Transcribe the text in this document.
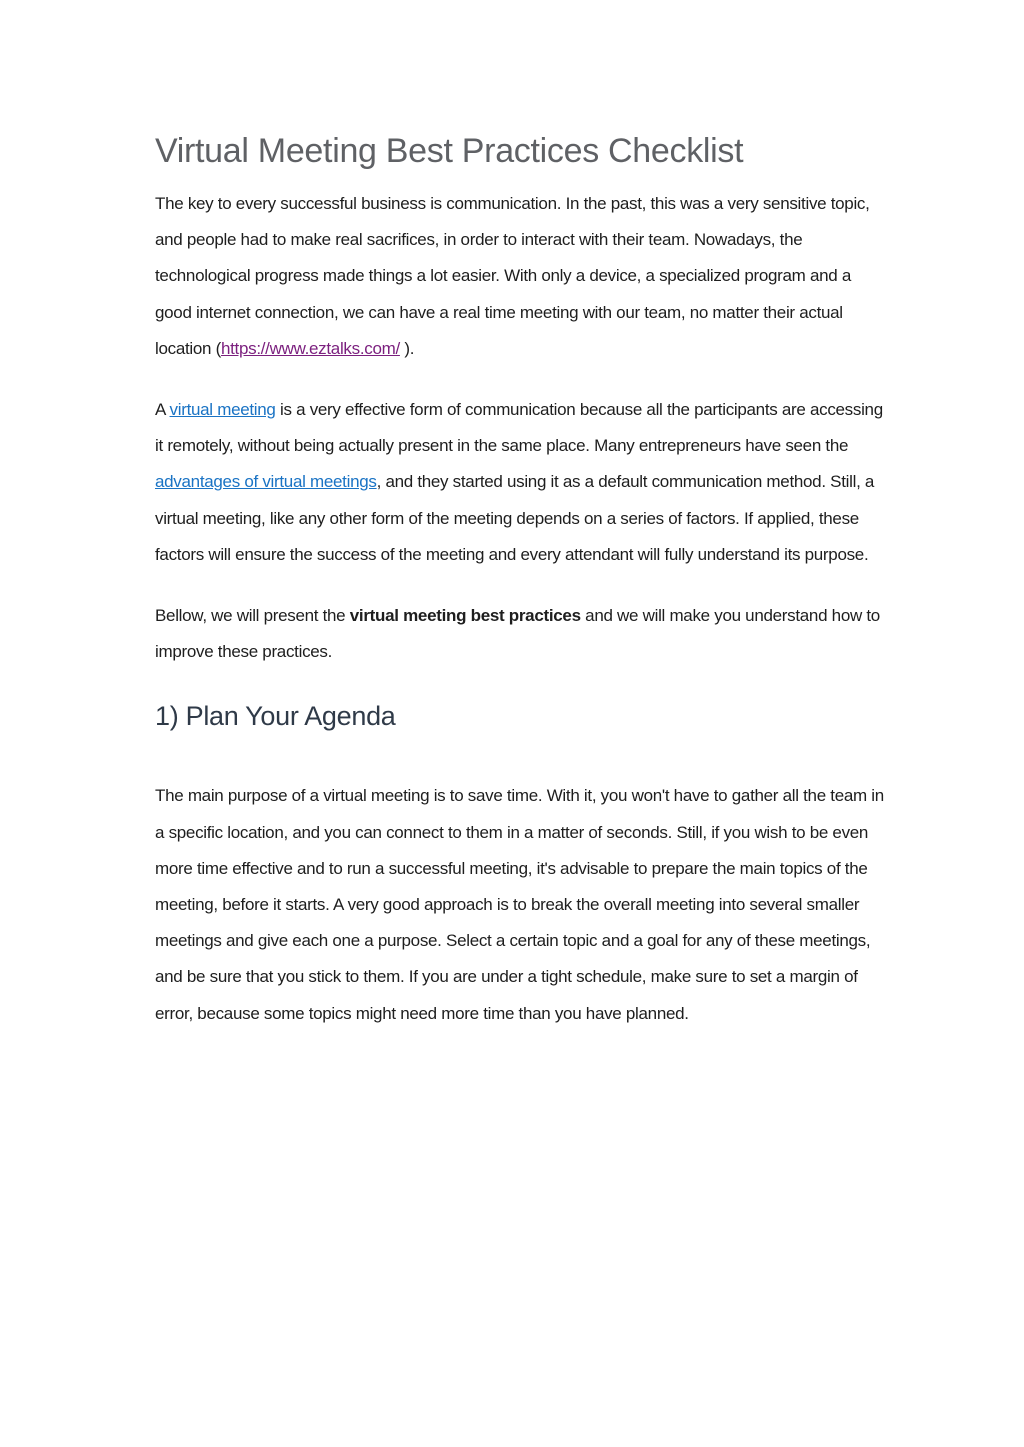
Virtual Meeting Best Practices Checklist

The key to every successful business is communication. In the past, this was a very sensitive topic, and people had to make real sacrifices, in order to interact with their team. Nowadays, the technological progress made things a lot easier. With only a device, a specialized program and a good internet connection, we can have a real time meeting with our team, no matter their actual location (https://www.eztalks.com/ ).

A virtual meeting is a very effective form of communication because all the participants are accessing it remotely, without being actually present in the same place. Many entrepreneurs have seen the advantages of virtual meetings, and they started using it as a default communication method. Still, a virtual meeting, like any other form of the meeting depends on a series of factors. If applied, these factors will ensure the success of the meeting and every attendant will fully understand its purpose.

Bellow, we will present the virtual meeting best practices and we will make you understand how to improve these practices.

1) Plan Your Agenda

The main purpose of a virtual meeting is to save time. With it, you won't have to gather all the team in a specific location, and you can connect to them in a matter of seconds. Still, if you wish to be even more time effective and to run a successful meeting, it's advisable to prepare the main topics of the meeting, before it starts. A very good approach is to break the overall meeting into several smaller meetings and give each one a purpose. Select a certain topic and a goal for any of these meetings, and be sure that you stick to them. If you are under a tight schedule, make sure to set a margin of error, because some topics might need more time than you have planned.
